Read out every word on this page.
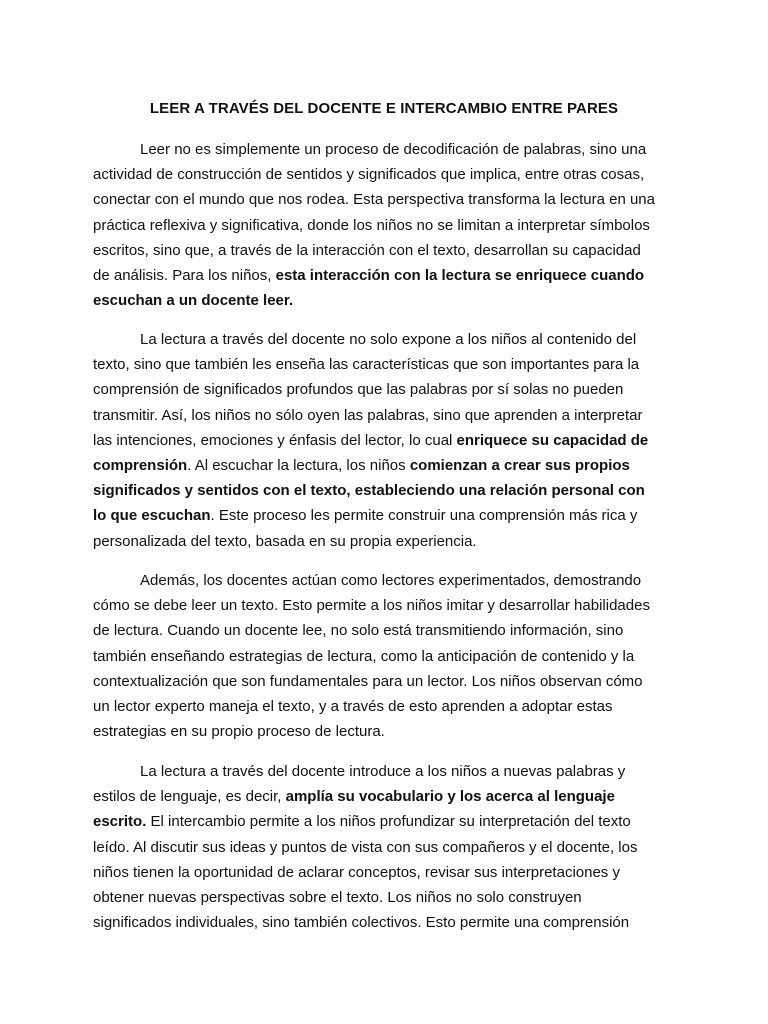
LEER A TRAVÉS DEL DOCENTE E INTERCAMBIO ENTRE PARES
Leer no es simplemente un proceso de decodificación de palabras, sino una
actividad de construcción de sentidos y significados que implica, entre otras cosas,
conectar con el mundo que nos rodea. Esta perspectiva transforma la lectura en una
práctica reflexiva y significativa, donde los niños no se limitan a interpretar símbolos
escritos, sino que, a través de la interacción con el texto, desarrollan su capacidad
de análisis. Para los niños, esta interacción con la lectura se enriquece cuando
escuchan a un docente leer.
La lectura a través del docente no solo expone a los niños al contenido del
texto, sino que también les enseña las características que son importantes para la
comprensión de significados profundos que las palabras por sí solas no pueden
transmitir. Así, los niños no sólo oyen las palabras, sino que aprenden a interpretar
las intenciones, emociones y énfasis del lector, lo cual enriquece su capacidad de
comprensión. Al escuchar la lectura, los niños comienzan a crear sus propios
significados y sentidos con el texto, estableciendo una relación personal con
lo que escuchan. Este proceso les permite construir una comprensión más rica y
personalizada del texto, basada en su propia experiencia.
Además, los docentes actúan como lectores experimentados, demostrando
cómo se debe leer un texto. Esto permite a los niños imitar y desarrollar habilidades
de lectura. Cuando un docente lee, no solo está transmitiendo información, sino
también enseñando estrategias de lectura, como la anticipación de contenido y la
contextualización que son fundamentales para un lector. Los niños observan cómo
un lector experto maneja el texto, y a través de esto aprenden a adoptar estas
estrategias en su propio proceso de lectura.
La lectura a través del docente introduce a los niños a nuevas palabras y
estilos de lenguaje, es decir, amplía su vocabulario y los acerca al lenguaje
escrito. El intercambio permite a los niños profundizar su interpretación del texto
leído. Al discutir sus ideas y puntos de vista con sus compañeros y el docente, los
niños tienen la oportunidad de aclarar conceptos, revisar sus interpretaciones y
obtener nuevas perspectivas sobre el texto. Los niños no solo construyen
significados individuales, sino también colectivos. Esto permite una comprensión
